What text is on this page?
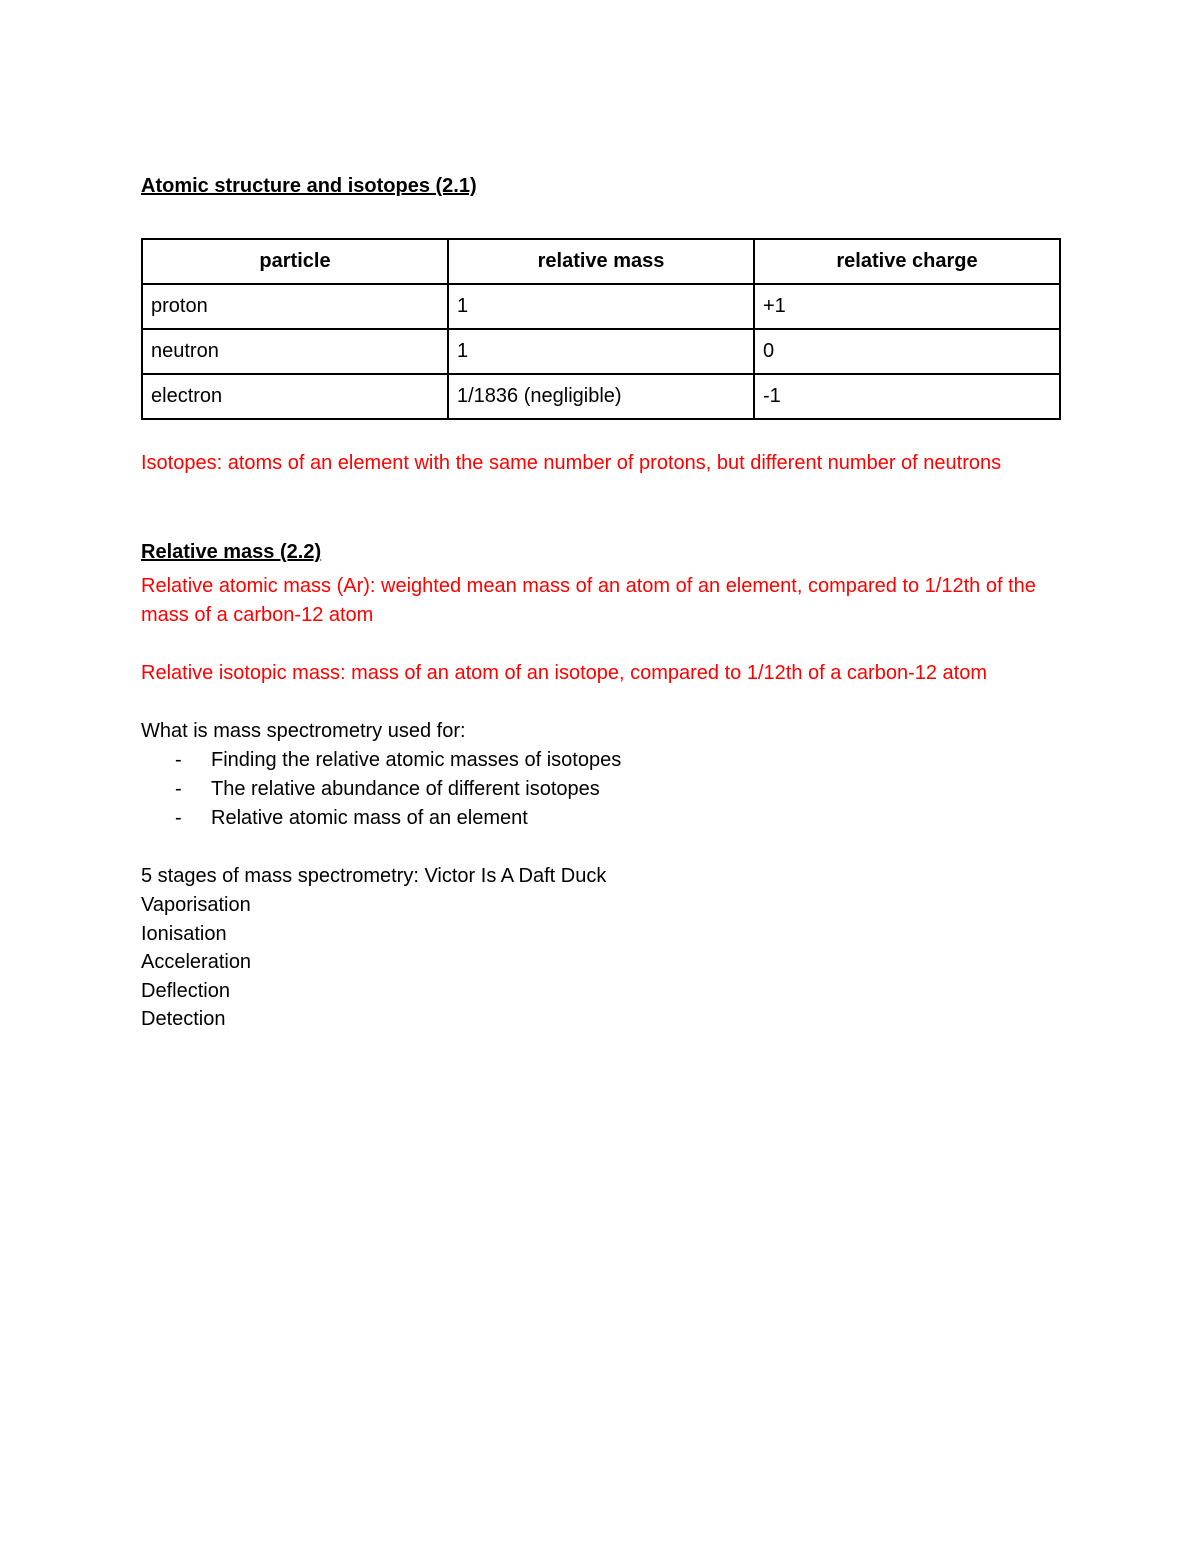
Atomic structure and isotopes (2.1)
particle	relative mass	relative charge
proton	1	+1
neutron	1	0
electron	1/1836 (negligible)	-1

Isotopes: atoms of an element with the same number of protons, but different number of neutrons

Relative mass (2.2)

Relative atomic mass (Ar): weighted mean mass of an atom of an element, compared to 1/12th of the mass of a carbon-12 atom

Relative isotopic mass: mass of an atom of an isotope, compared to 1/12th of a carbon-12 atom

What is mass spectrometry used for:

- Finding the relative atomic masses of isotopes
- The relative abundance of different isotopes
- Relative atomic mass of an element

5 stages of mass spectrometry: Victor Is A Daft Duck

Vaporisation
Ionisation
Acceleration
Deflection
Detection
